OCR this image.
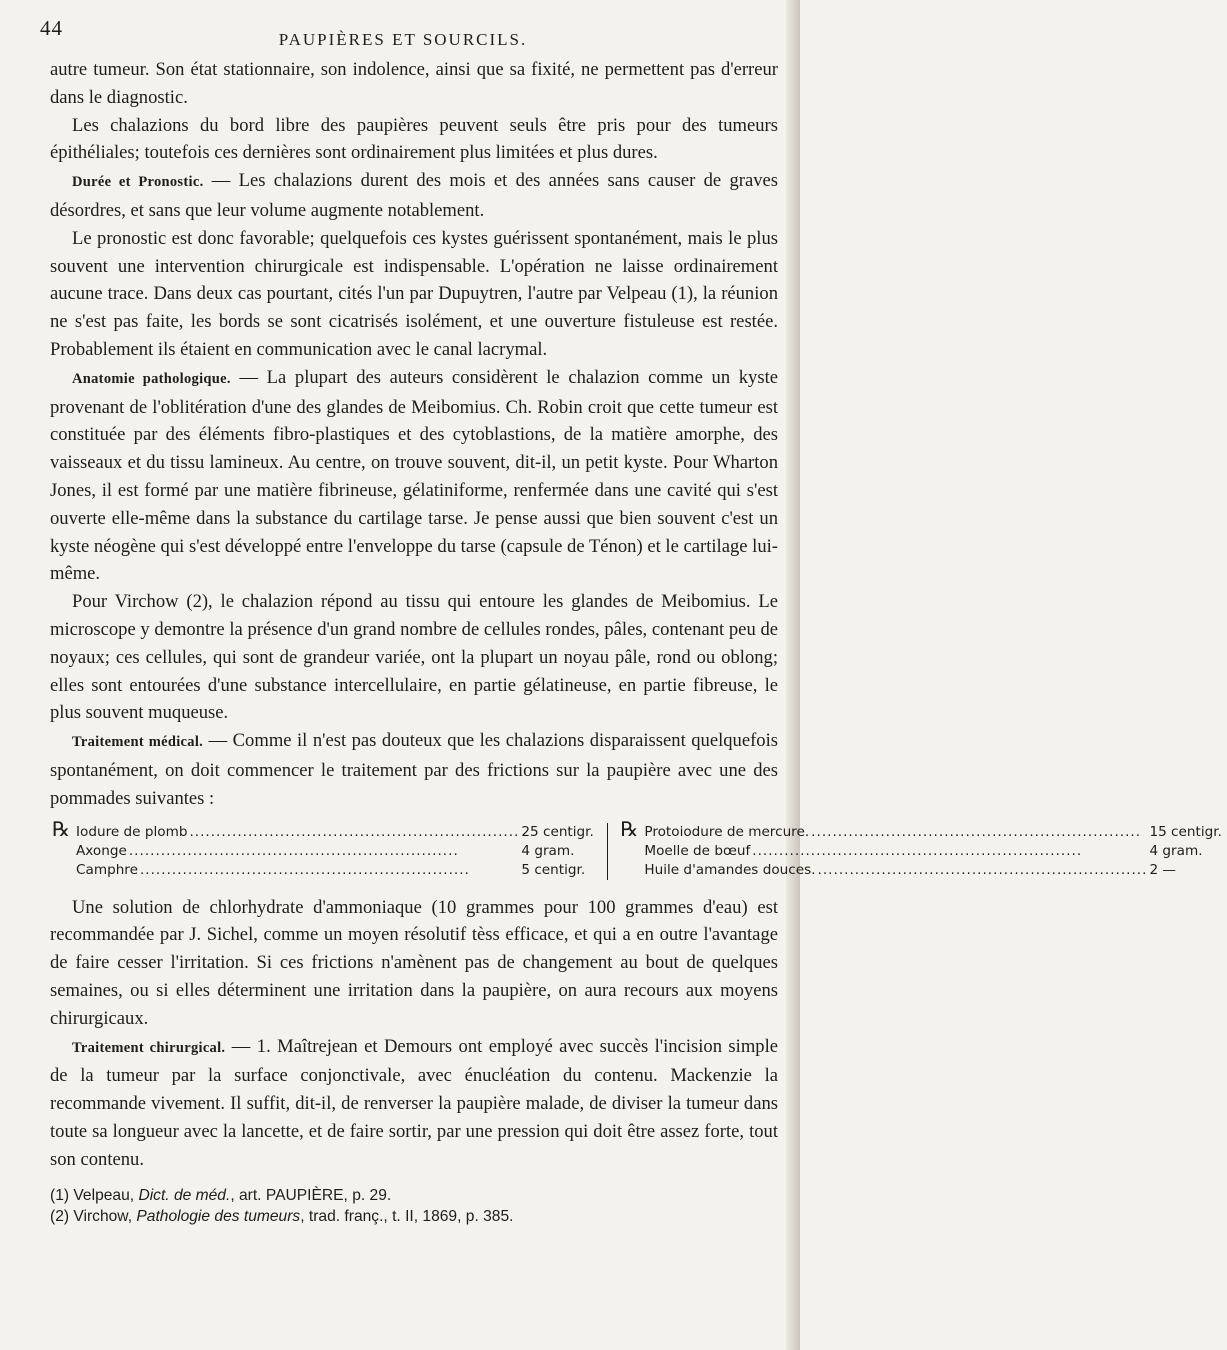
44	PAUPIÈRES ET SOURCILS.

autre tumeur. Son état stationnaire, son indolence, ainsi que sa fixité, ne permettent pas d'erreur dans le diagnostic.

Les chalazions du bord libre des paupières peuvent seuls être pris pour des tumeurs épithéliales; toutefois ces dernières sont ordinairement plus limitées et plus dures.

Durée et Pronostic. — Les chalazions durent des mois et des années sans causer de graves désordres, et sans que leur volume augmente notablement.

Le pronostic est donc favorable; quelquefois ces kystes guérissent spontanément, mais le plus souvent une intervention chirurgicale est indispensable. L'opération ne laisse ordinairement aucune trace. Dans deux cas pourtant, cités l'un par Dupuytren, l'autre par Velpeau (1), la réunion ne s'est pas faite, les bords se sont cicatrisés isolément, et une ouverture fistuleuse est restée. Probablement ils étaient en communication avec le canal lacrymal.

Anatomie pathologique. — La plupart des auteurs considèrent le chalazion comme un kyste provenant de l'oblitération d'une des glandes de Meibomius. Ch. Robin croit que cette tumeur est constituée par des éléments fibro-plastiques et des cytoblastions, de la matière amorphe, des vaisseaux et du tissu lamineux. Au centre, on trouve souvent, dit-il, un petit kyste. Pour Wharton Jones, il est formé par une matière fibrineuse, gélatiniforme, renfermée dans une cavité qui s'est ouverte elle-même dans la substance du cartilage tarse. Je pense aussi que bien souvent c'est un kyste néogène qui s'est développé entre l'enveloppe du tarse (capsule de Ténon) et le cartilage lui-même.

Pour Virchow (2), le chalazion répond au tissu qui entoure les glandes de Meibomius. Le microscope y demontre la présence d'un grand nombre de cellules rondes, pâles, contenant peu de noyaux; ces cellules, qui sont de grandeur variée, ont la plupart un noyau pâle, rond ou oblong; elles sont entourées d'une substance intercellulaire, en partie gélatineuse, en partie fibreuse, le plus souvent muqueuse.

Traitement médical. — Comme il n'est pas douteux que les chalazions disparaissent quelquefois spontanément, on doit commencer le traitement par des frictions sur la paupière avec une des pommades suivantes :

℞ Iodure de plomb .....	25 centigr.
Axonge .....	4 gram.
Camphre .....	5 centigr.
℞ Protoiodure de mercure. .....	15 centigr.
Moelle de bœuf .....	4 gram.
Huile d'amandes douces. .....	2 —

Une solution de chlorhydrate d'ammoniaque (10 grammes pour 100 grammes d'eau) est recommandée par J. Sichel, comme un moyen résolutif tèss efficace, et qui a en outre l'avantage de faire cesser l'irritation. Si ces frictions n'amènent pas de changement au bout de quelques semaines, ou si elles déterminent une irritation dans la paupière, on aura recours aux moyens chirurgicaux.

Traitement chirurgical. — 1. Maîtrejean et Demours ont employé avec succès l'incision simple de la tumeur par la surface conjonctivale, avec énucléation du contenu. Mackenzie la recommande vivement. Il suffit, dit-il, de renverser la paupière malade, de diviser la tumeur dans toute sa longueur avec la lancette, et de faire sortir, par une pression qui doit être assez forte, tout son contenu.

(1) Velpeau, Dict. de méd., art. PAUPIÈRE, p. 29.
(2) Virchow, Pathologie des tumeurs, trad. franç., t. II, 1869, p. 385.
